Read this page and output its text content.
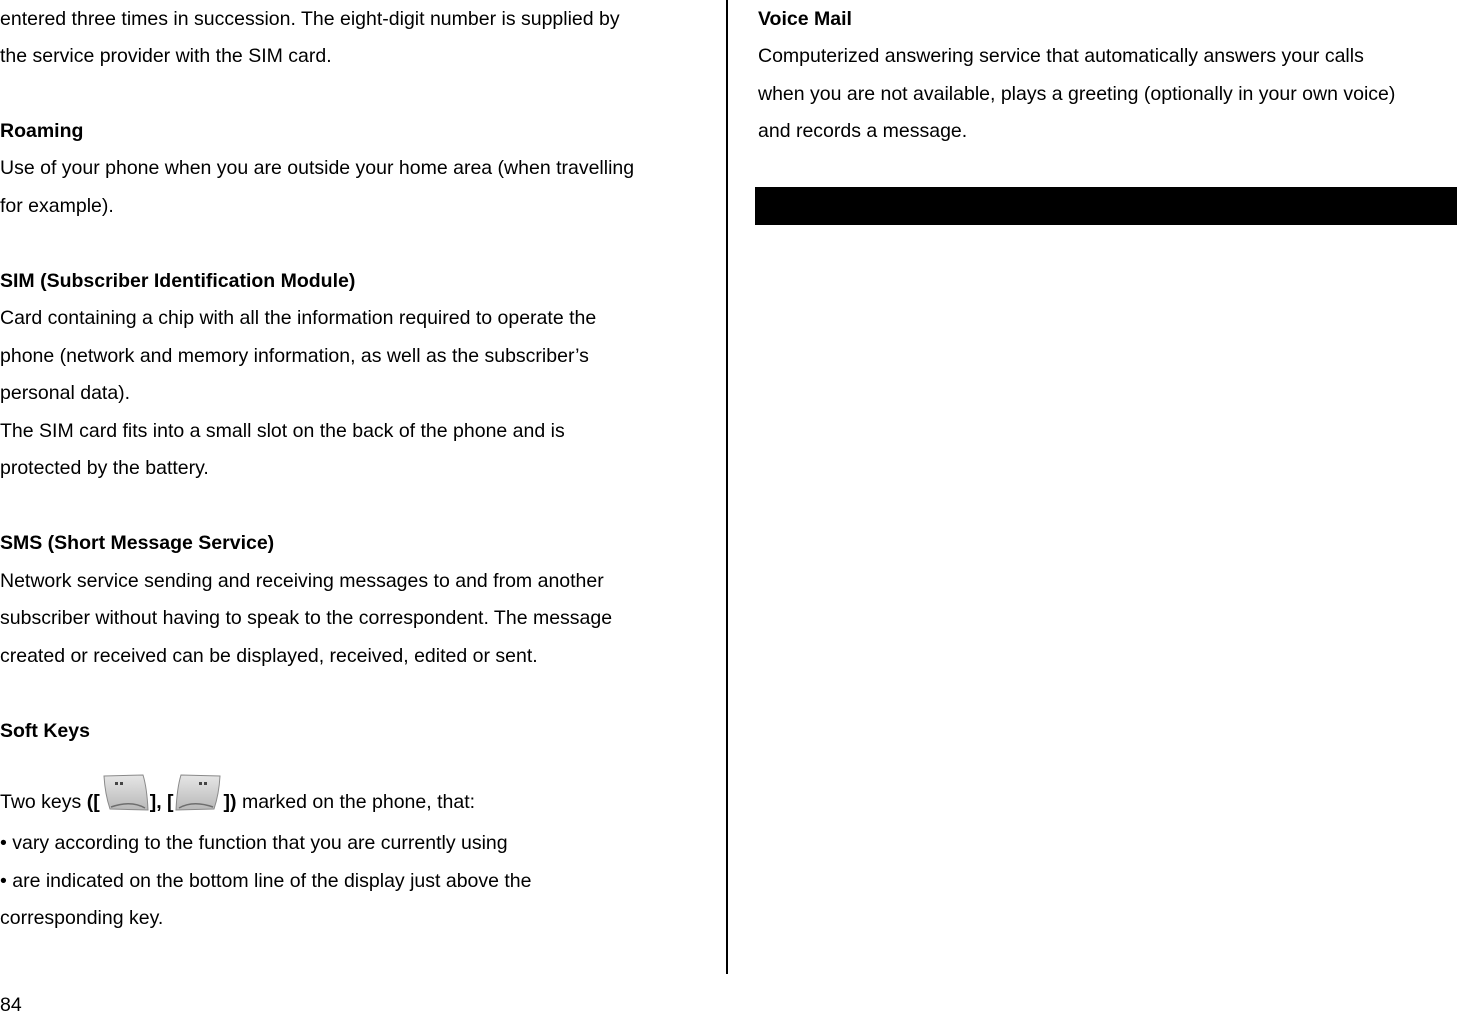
entered three times in succession. The eight-digit number is supplied by
the service provider with the SIM card.
Roaming
Use of your phone when you are outside your home area (when travelling
for example).
SIM (Subscriber Identification Module)
Card containing a chip with all the information required to operate the
phone (network and memory information, as well as the subscriber’s
personal data).
The SIM card fits into a small slot on the back of the phone and is
protected by the battery.
SMS (Short Message Service)
Network service sending and receiving messages to and from another
subscriber without having to speak to the correspondent. The message
created or received can be displayed, received, edited or sent.
Soft Keys
Two keys ([	], [	]) marked on the phone, that:
• vary according to the function that you are currently using
• are indicated on the bottom line of the display just above the
corresponding key.
Voice Mail
Computerized answering service that automatically answers your calls
when you are not available, plays a greeting (optionally in your own voice)
and records a message.
84
